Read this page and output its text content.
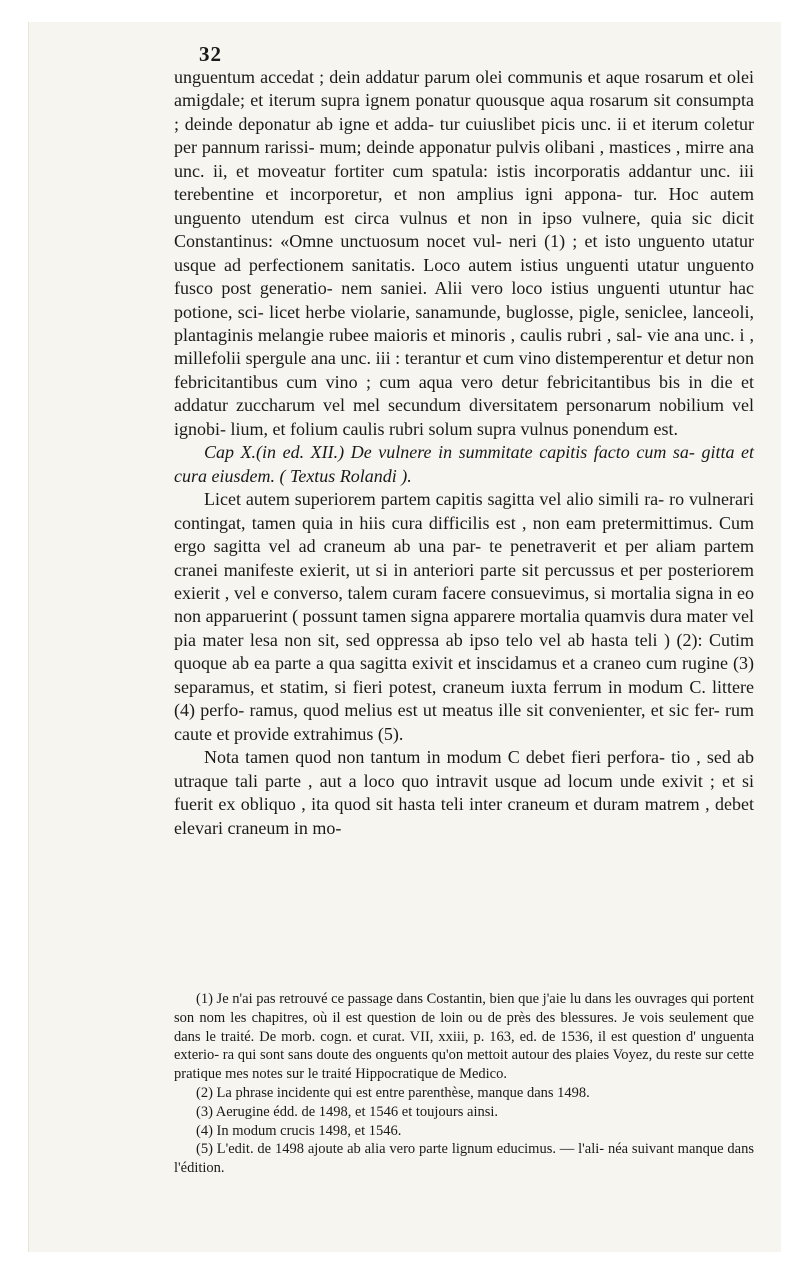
32

unguentum accedat ; dein addatur parum olei communis et aque rosarum et olei amigdale; et iterum supra ignem ponatur quousque aqua rosarum sit consumpta ; deinde deponatur ab igne et adda- tur cuiuslibet picis unc. ii et iterum coletur per pannum rarissi- mum; deinde apponatur pulvis olibani , mastices , mirre ana unc. ii, et moveatur fortiter cum spatula: istis incorporatis addantur unc. iii terebentine et incorporetur, et non amplius igni appona- tur. Hoc autem unguento utendum est circa vulnus et non in ipso vulnere, quia sic dicit Constantinus: «Omne unctuosum nocet vul- neri (1) ; et isto unguento utatur usque ad perfectionem sanitatis. Loco autem istius unguenti utatur unguento fusco post generatio- nem saniei. Alii vero loco istius unguenti utuntur hac potione, sci- licet herbe violarie, sanamunde, buglosse, pigle, seniclee, lanceoli, plantaginis melangie rubee maioris et minoris , caulis rubri , sal- vie ana unc. i , millefolii spergule ana unc. iii : terantur et cum vino distemperentur et detur non febricitantibus cum vino ; cum aqua vero detur febricitantibus bis in die et addatur zuccharum vel mel secundum diversitatem personarum nobilium vel ignobi- lium, et folium caulis rubri solum supra vulnus ponendum est.

Cap X.(in ed. XII.) De vulnere in summitate capitis facto cum sa- gitta et cura eiusdem. ( Textus Rolandi ).

Licet autem superiorem partem capitis sagitta vel alio simili ra- ro vulnerari contingat, tamen quia in hiis cura difficilis est , non eam pretermittimus. Cum ergo sagitta vel ad craneum ab una par- te penetraverit et per aliam partem cranei manifeste exierit, ut si in anteriori parte sit percussus et per posteriorem exierit , vel e converso, talem curam facere consuevimus, si mortalia signa in eo non apparuerint ( possunt tamen signa apparere mortalia quamvis dura mater vel pia mater lesa non sit, sed oppressa ab ipso telo vel ab hasta teli ) (2): Cutim quoque ab ea parte a qua sagitta exivit et inscidamus et a craneo cum rugine (3) separamus, et statim, si fieri potest, craneum iuxta ferrum in modum C. littere (4) perfo- ramus, quod melius est ut meatus ille sit convenienter, et sic fer- rum caute et provide extrahimus (5).

Nota tamen quod non tantum in modum C debet fieri perfora- tio , sed ab utraque tali parte , aut a loco quo intravit usque ad locum unde exivit ; et si fuerit ex obliquo , ita quod sit hasta teli inter craneum et duram matrem , debet elevari craneum in mo-

(1) Je n'ai pas retrouvé ce passage dans Costantin, bien que j'aie lu dans les ouvrages qui portent son nom les chapitres, où il est question de loin ou de près des blessures. Je vois seulement que dans le traité. De morb. cogn. et curat. VII, xxiii, p. 163, ed. de 1536, il est question d' unguenta exterio- ra qui sont sans doute des onguents qu'on mettoit autour des plaies Voyez, du reste sur cette pratique mes notes sur le traité Hippocratique de Medico.

(2) La phrase incidente qui est entre parenthèse, manque dans 1498.

(3) Aerugine édd. de 1498, et 1546 et toujours ainsi.

(4) In modum crucis 1498, et 1546.

(5) L'edit. de 1498 ajoute ab alia vero parte lignum educimus. — l'ali- néa suivant manque dans l'édition.
